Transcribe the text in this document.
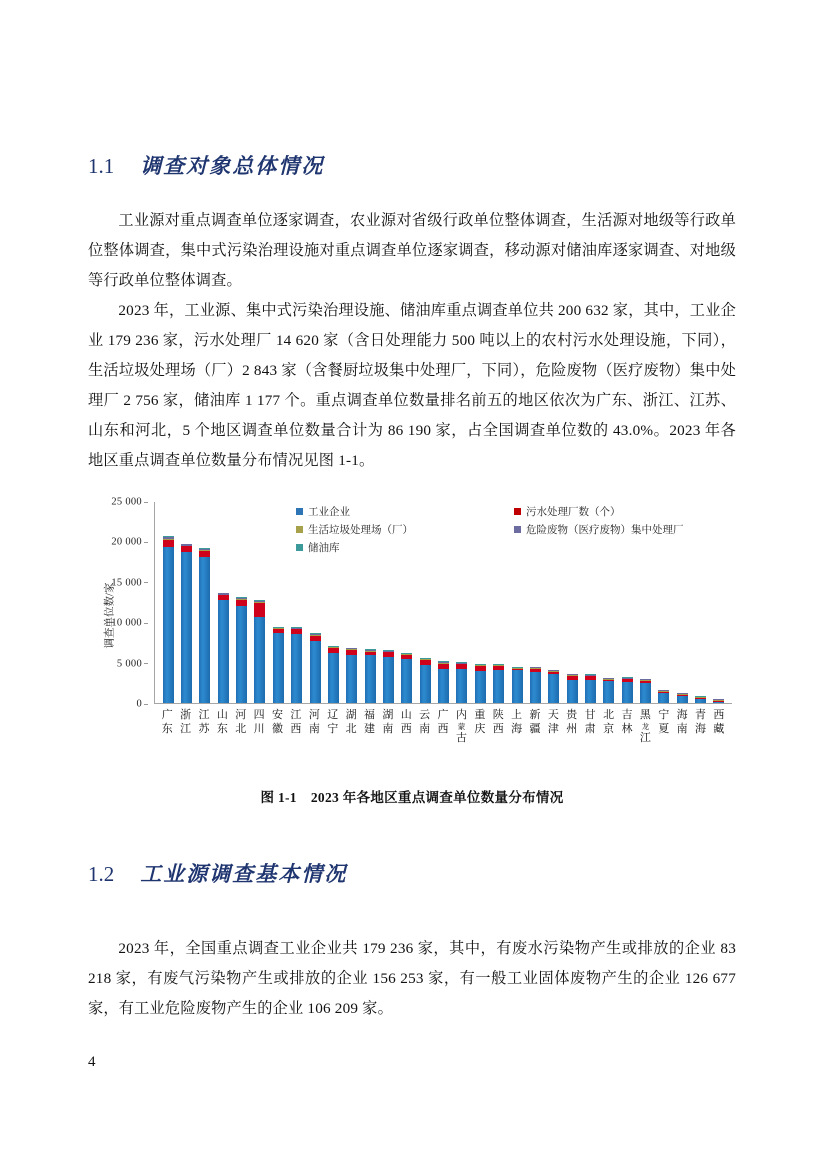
1.1 调查对象总体情况

工业源对重点调查单位逐家调查，农业源对省级行政单位整体调查，生活源对地级等行政单位整体调查，集中式污染治理设施对重点调查单位逐家调查，移动源对储油库逐家调查、对地级等行政单位整体调查。

2023 年，工业源、集中式污染治理设施、储油库重点调查单位共 200 632 家，其中，工业企业 179 236 家，污水处理厂 14 620 家（含日处理能力 500 吨以上的农村污水处理设施，下同），生活垃圾处理场（厂）2 843 家（含餐厨垃圾集中处理厂，下同），危险废物（医疗废物）集中处理厂 2 756 家，储油库 1 177 个。重点调查单位数量排名前五的地区依次为广东、浙江、江苏、山东和河北，5 个地区调查单位数量合计为 86 190 家，占全国调查单位数的 43.0%。2023 年各地区重点调查单位数量分布情况见图 1-1。

调查单位数/家
工业企业	污水处理厂数（个）
生活垃圾处理场（厂）	危险废物（医疗废物）集中处理厂
储油库
0
5 000
10 000
15 000
20 000
25 000
广
东
浙
江
江
苏
山
东
河
北
四
川
安
徽
江
西
河
南
辽
宁
湖
北
福
建
湖
南
山
西
云
南
广
西
内
蒙
古
重
庆
陕
西
上
海
新
疆
天
津
贵
州
甘
肃
北
京
吉
林
黑
龙
江
宁
夏
海
南
青
海
西
藏
图 1-1 2023 年各地区重点调查单位数量分布情况
1.2 工业源调查基本情况

2023 年，全国重点调查工业企业共 179 236 家，其中，有废水污染物产生或排放的企业 83 218 家，有废气污染物产生或排放的企业 156 253 家，有一般工业固体废物产生的企业 126 677 家，有工业危险废物产生的企业 106 209 家。

4
